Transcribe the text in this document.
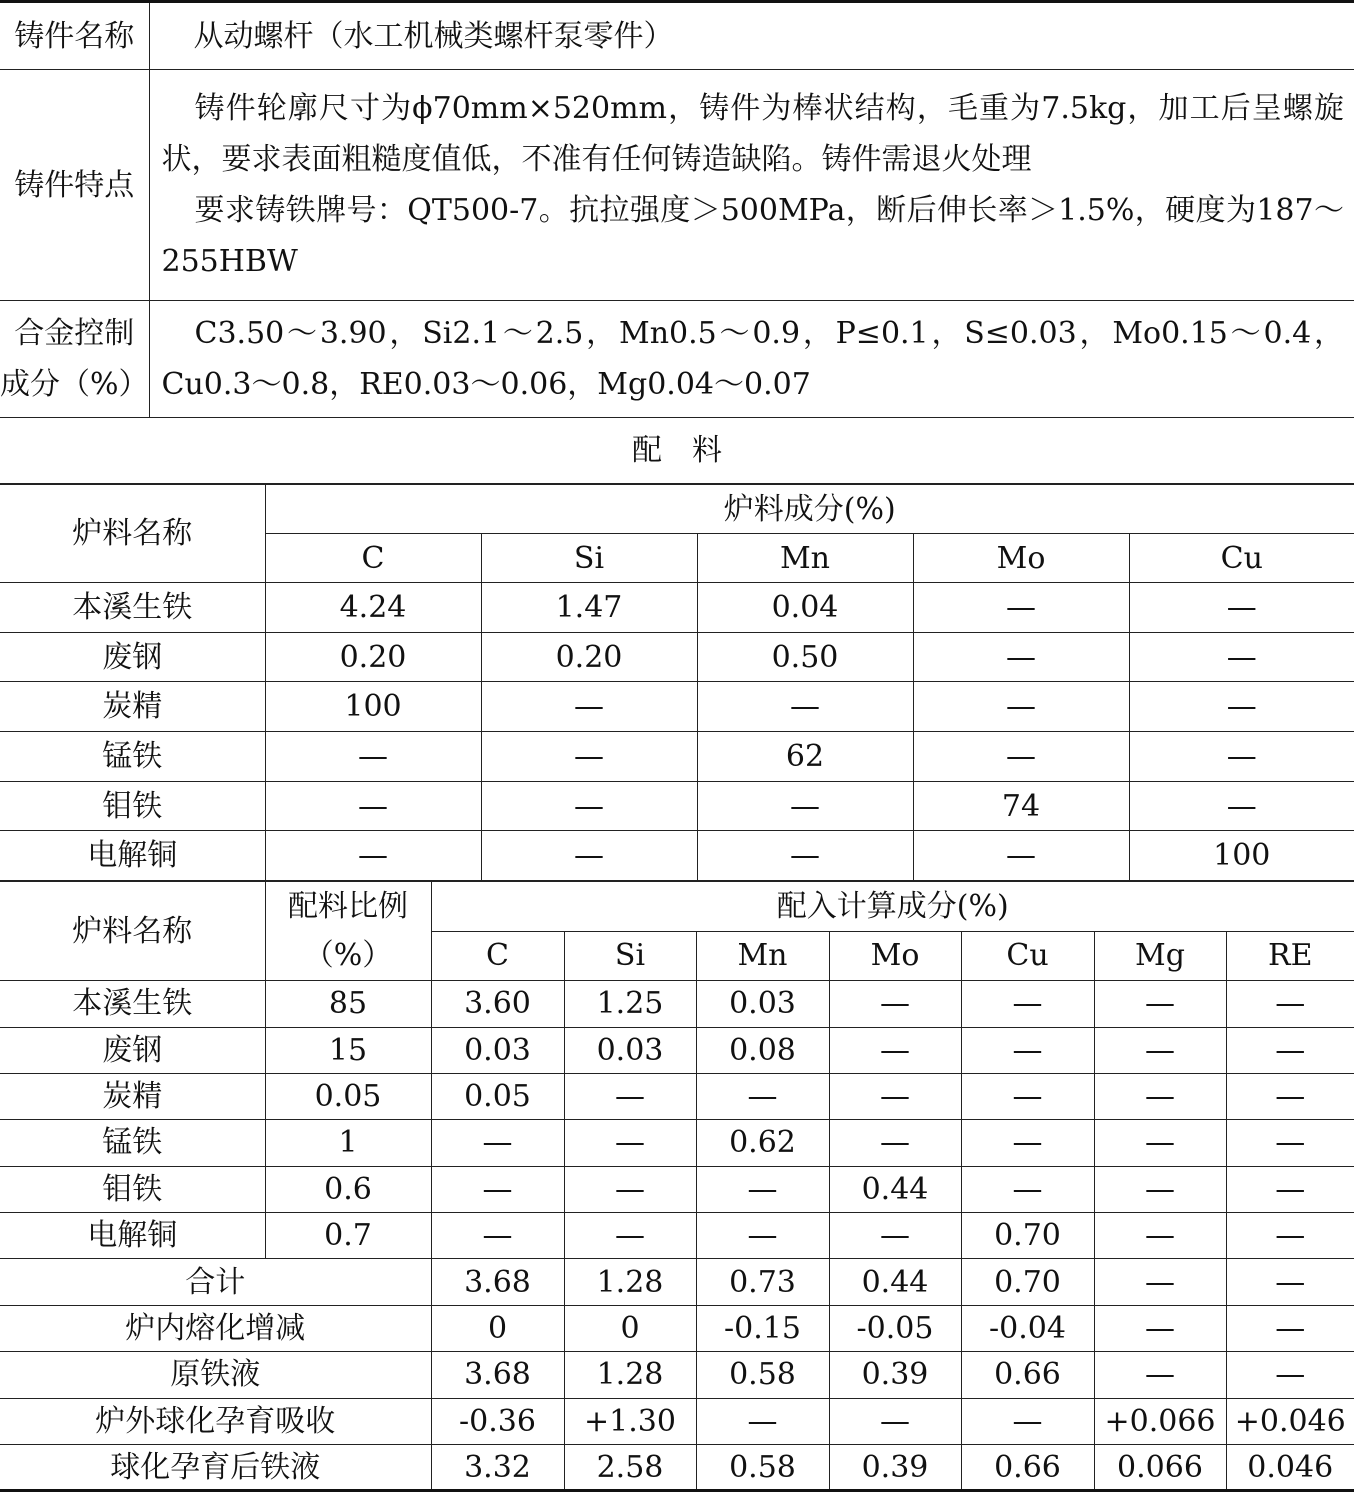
铸件名称	从动螺杆（水工机械类螺杆泵零件）
铸件特点	铸件轮廓尺寸为ϕ70mm×520mm，铸件为棒状结构，毛重为7.5kg，加工后呈螺旋状，要求表面粗糙度值低，不准有任何铸造缺陷。铸件需退火处理

要求铸铁牌号：QT500-7。抗拉强度＞500MPa，断后伸长率＞1.5%，硬度为187～255HBW

合金控制
成分（%）	C3.50～3.90，Si2.1～2.5，Mn0.5～0.9，P≤0.1，S≤0.03，Mo0.15～0.4，Cu0.3～0.8，RE0.03～0.06，Mg0.04～0.07

配　料	
炉料名称	炉料成分(%)				
	C	Si	Mn	Mo	Cu
本溪生铁	4.24	1.47	0.04	—	—
废钢	0.20	0.20	0.50	—	—
炭精	100	—	—	—	—
锰铁	—	—	62	—	—
钼铁	—	—	—	74	—
电解铜	—	—	—	—	100
炉料名称	配料比例
（%）	配入计算成分(%)						
		C	Si	Mn	Mo	Cu	Mg	RE
本溪生铁	85	3.60	1.25	0.03	—	—	—	—
废钢	15	0.03	0.03	0.08	—	—	—	—
炭精	0.05	0.05	—	—	—	—	—	—
锰铁	1	—	—	0.62	—	—	—	—
钼铁	0.6	—	—	—	0.44	—	—	—
电解铜	0.7	—	—	—	—	0.70	—	—
合计		3.68	1.28	0.73	0.44	0.70	—	—
炉内熔化增减		0	0	-0.15	-0.05	-0.04	—	—
原铁液		3.68	1.28	0.58	0.39	0.66	—	—
炉外球化孕育吸收		-0.36	+1.30	—	—	—	+0.066	+0.046
球化孕育后铁液		3.32	2.58	0.58	0.39	0.66	0.066	0.046
